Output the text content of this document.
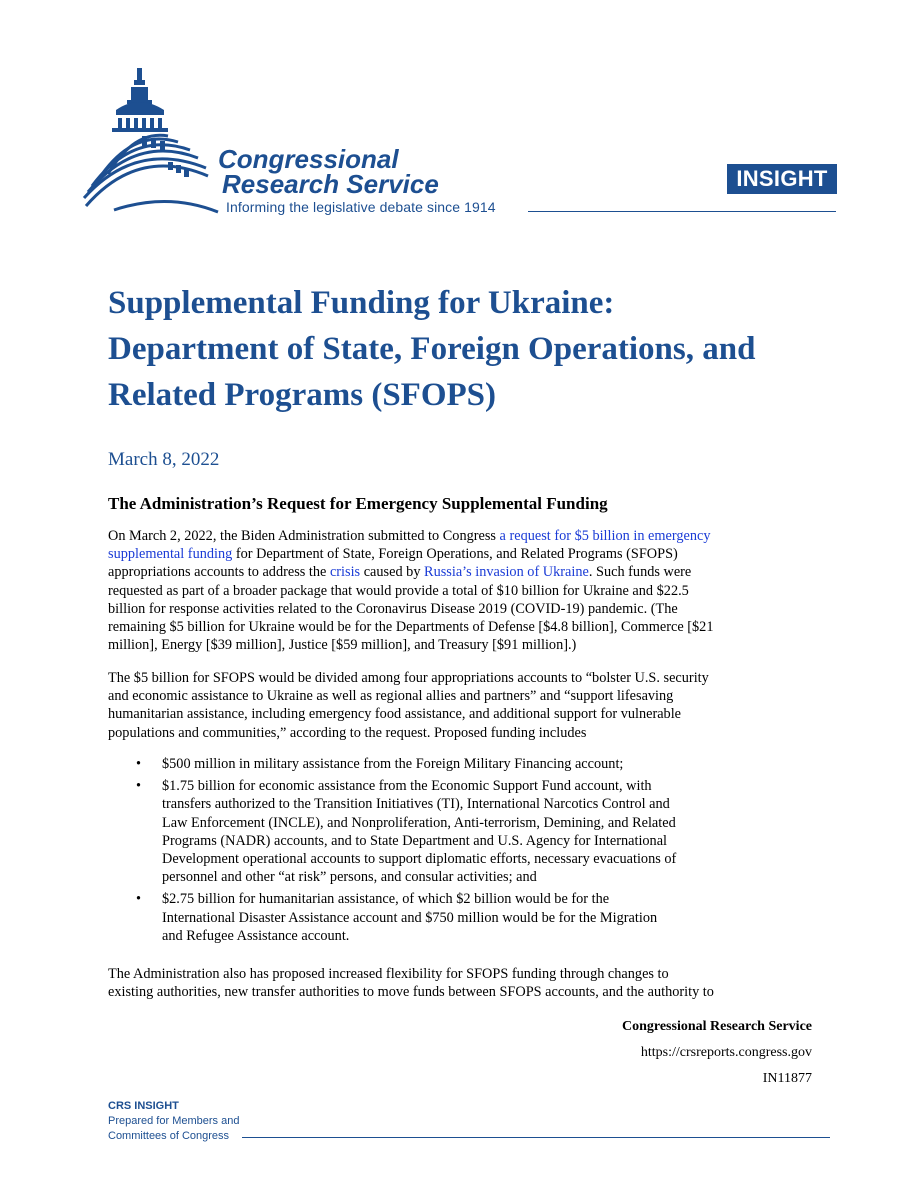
Congressional
Research Service
Informing the legislative debate since 1914
INSIGHT
Supplemental Funding for Ukraine:
Department of State, Foreign Operations, and
Related Programs (SFOPS)
March 8, 2022
The Administration’s Request for Emergency Supplemental Funding
On March 2, 2022, the Biden Administration submitted to Congress a request for $5 billion in emergency
supplemental funding for Department of State, Foreign Operations, and Related Programs (SFOPS)
appropriations accounts to address the crisis caused by Russia’s invasion of Ukraine. Such funds were
requested as part of a broader package that would provide a total of $10 billion for Ukraine and $22.5
billion for response activities related to the Coronavirus Disease 2019 (COVID-19) pandemic. (The
remaining $5 billion for Ukraine would be for the Departments of Defense [$4.8 billion], Commerce [$21
million], Energy [$39 million], Justice [$59 million], and Treasury [$91 million].)
The $5 billion for SFOPS would be divided among four appropriations accounts to “bolster U.S. security
and economic assistance to Ukraine as well as regional allies and partners” and “support lifesaving
humanitarian assistance, including emergency food assistance, and additional support for vulnerable
populations and communities,” according to the request. Proposed funding includes
• $500 million in military assistance from the Foreign Military Financing account;
• $1.75 billion for economic assistance from the Economic Support Fund account, with
transfers authorized to the Transition Initiatives (TI), International Narcotics Control and
Law Enforcement (INCLE), and Nonproliferation, Anti-terrorism, Demining, and Related
Programs (NADR) accounts, and to State Department and U.S. Agency for International
Development operational accounts to support diplomatic efforts, necessary evacuations of
personnel and other “at risk” persons, and consular activities; and
• $2.75 billion for humanitarian assistance, of which $2 billion would be for the
International Disaster Assistance account and $750 million would be for the Migration
and Refugee Assistance account.
The Administration also has proposed increased flexibility for SFOPS funding through changes to
existing authorities, new transfer authorities to move funds between SFOPS accounts, and the authority to
Congressional Research Service
https://crsreports.congress.gov
IN11877
CRS INSIGHT
Prepared for Members and
Committees of Congress
